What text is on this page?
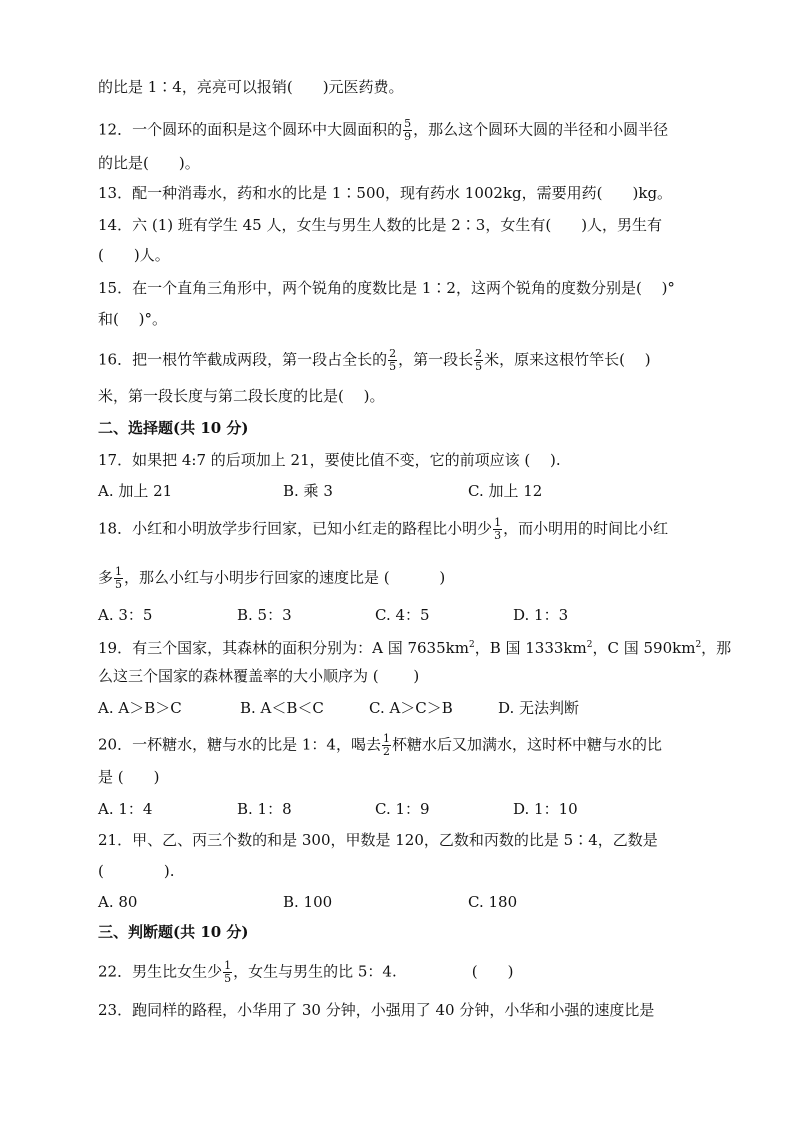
的比是 1∶4，亮亮可以报销(　　)元医药费。
12．一个圆环的面积是这个圆环中大圆面积的 $\frac{5}{9}$ ，那么这个圆环大圆的半径和小圆半径
的比是(　　)。
13．配一种消毒水，药和水的比是 1∶500，现有药水 1002kg，需要用药(　　)kg。
14．六 (1) 班有学生 45 人，女生与男生人数的比是 2∶3，女生有(　　)人，男生有
(　　)人。
15．在一个直角三角形中，两个锐角的度数比是 1∶2，这两个锐角的度数分别是(　 )°
和(　 )°。
16．把一根竹竿截成两段，第一段占全长的 $\frac{2}{5}$ ，第一段长 $\frac{2}{5}$ 米，原来这根竹竿长(　 )
米，第一段长度与第二段长度的比是(　 )。
二、选择题(共 10 分)
17．如果把 4:7 的后项加上 21，要使比值不变，它的前项应该 (　 ).
A. 加上 21	B. 乘 3	C. 加上 12
18．小红和小明放学步行回家，已知小红走的路程比小明少 $\frac{1}{3}$ ，而小明用的时间比小红
多 $\frac{1}{5}$ ，那么小红与小明步行回家的速度比是 (　　　 )
A. 3：5	B. 5：3	C. 4：5	D. 1：3
19．有三个国家，其森林的面积分别为：A 国 $7635km^2$，B 国 $1333km^2$，C 国 $590km^2$，那
么这三个国家的森林覆盖率的大小顺序为 (　　 )
A. A＞B＞C	B. A＜B＜C	C. A＞C＞B	D. 无法判断
20．一杯糖水，糖与水的比是 1：4，喝去 $\frac{1}{2}$ 杯糖水后又加满水，这时杯中糖与水的比
是 (　　)
A. 1：4	B. 1：8	C. 1：9	D. 1：10
21．甲、乙、丙三个数的和是 300，甲数是 120，乙数和丙数的比是 5∶4，乙数是
(　　　　).
A. 80	B. 100	C. 180
三、判断题(共 10 分)
22．男生比女生少 $\frac{1}{5}$ ，女生与男生的比 5：4.　　　　　(　　)
23．跑同样的路程，小华用了 30 分钟，小强用了 40 分钟，小华和小强的速度比是
